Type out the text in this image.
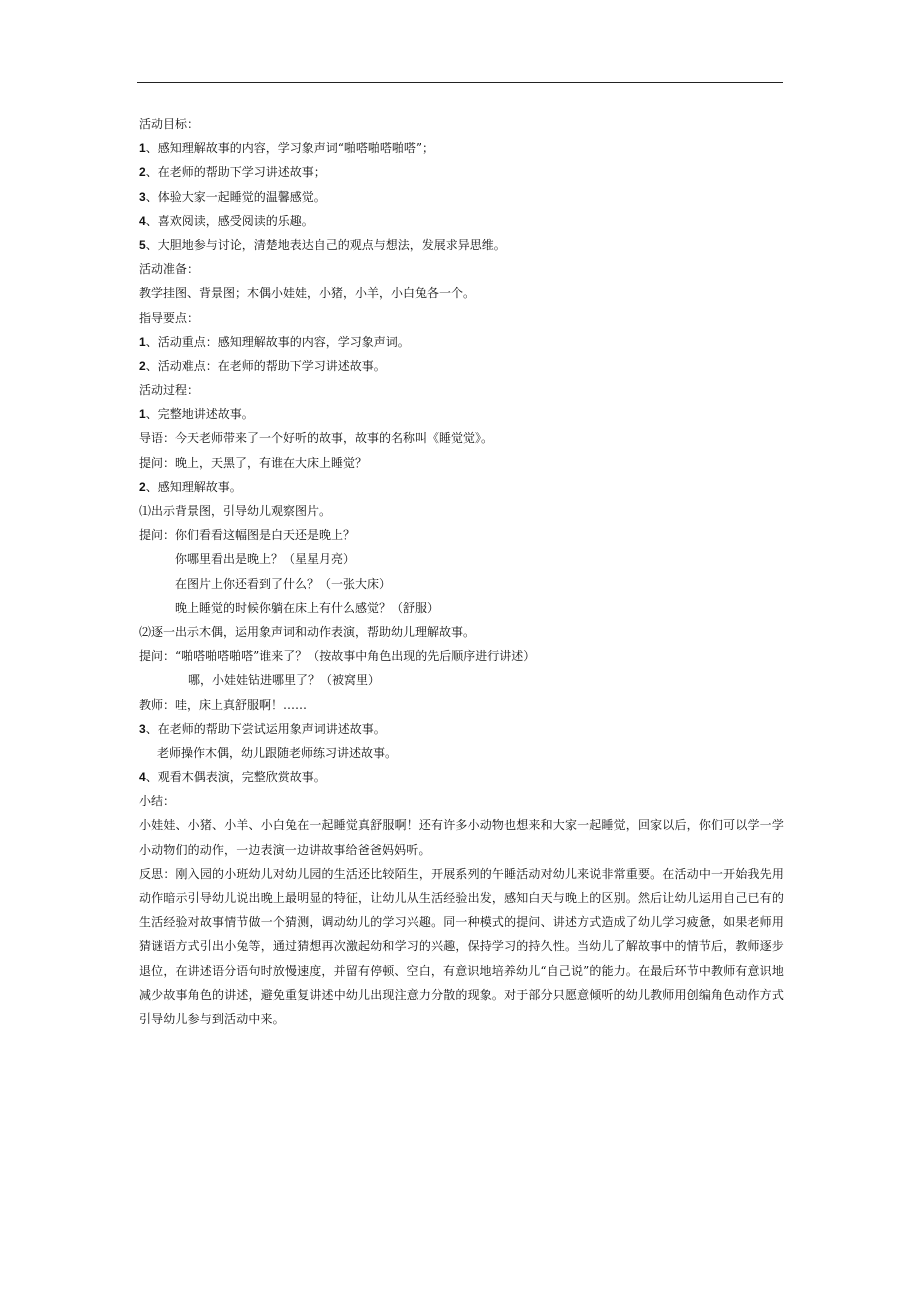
活动目标：
1、感知理解故事的内容，学习象声词“啪嗒啪嗒啪嗒”；
2、在老师的帮助下学习讲述故事；
3、体验大家一起睡觉的温馨感觉。
4、喜欢阅读，感受阅读的乐趣。
5、大胆地参与讨论，清楚地表达自己的观点与想法，发展求异思维。
活动准备：
教学挂图、背景图；木偶小娃娃，小猪，小羊，小白兔各一个。
指导要点：
1、活动重点：感知理解故事的内容，学习象声词。
2、活动难点：在老师的帮助下学习讲述故事。
活动过程：
1、完整地讲述故事。
导语：今天老师带来了一个好听的故事，故事的名称叫《睡觉觉》。
提问：晚上，天黑了，有谁在大床上睡觉？
2、感知理解故事。
⑴出示背景图，引导幼儿观察图片。
提问：你们看看这幅图是白天还是晚上？
你哪里看出是晚上？（星星月亮）
在图片上你还看到了什么？（一张大床）
晚上睡觉的时候你躺在床上有什么感觉？（舒服）
⑵逐一出示木偶，运用象声词和动作表演，帮助幼儿理解故事。
提问：“啪嗒啪嗒啪嗒”谁来了？（按故事中角色出现的先后顺序进行讲述）
哪，小娃娃钻进哪里了？（被窝里）
教师：哇，床上真舒服啊！……
3、在老师的帮助下尝试运用象声词讲述故事。
老师操作木偶，幼儿跟随老师练习讲述故事。
4、观看木偶表演，完整欣赏故事。
小结：
小娃娃、小猪、小羊、小白兔在一起睡觉真舒服啊！还有许多小动物也想来和大家一起睡觉，回家以后，你们可以学一学小动物们的动作，一边表演一边讲故事给爸爸妈妈听。
反思：刚入园的小班幼儿对幼儿园的生活还比较陌生，开展系列的午睡活动对幼儿来说非常重要。在活动中一开始我先用动作暗示引导幼儿说出晚上最明显的特征，让幼儿从生活经验出发，感知白天与晚上的区别。然后让幼儿运用自己已有的生活经验对故事情节做一个猜测，调动幼儿的学习兴趣。同一种模式的提问、讲述方式造成了幼儿学习疲惫，如果老师用猜谜语方式引出小兔等，通过猜想再次激起幼和学习的兴趣，保持学习的持久性。当幼儿了解故事中的情节后，教师逐步退位，在讲述语分语句时放慢速度，并留有停顿、空白，有意识地培养幼儿“自己说”的能力。在最后环节中教师有意识地减少故事角色的讲述，避免重复讲述中幼儿出现注意力分散的现象。对于部分只愿意倾听的幼儿教师用创编角色动作方式引导幼儿参与到活动中来。
